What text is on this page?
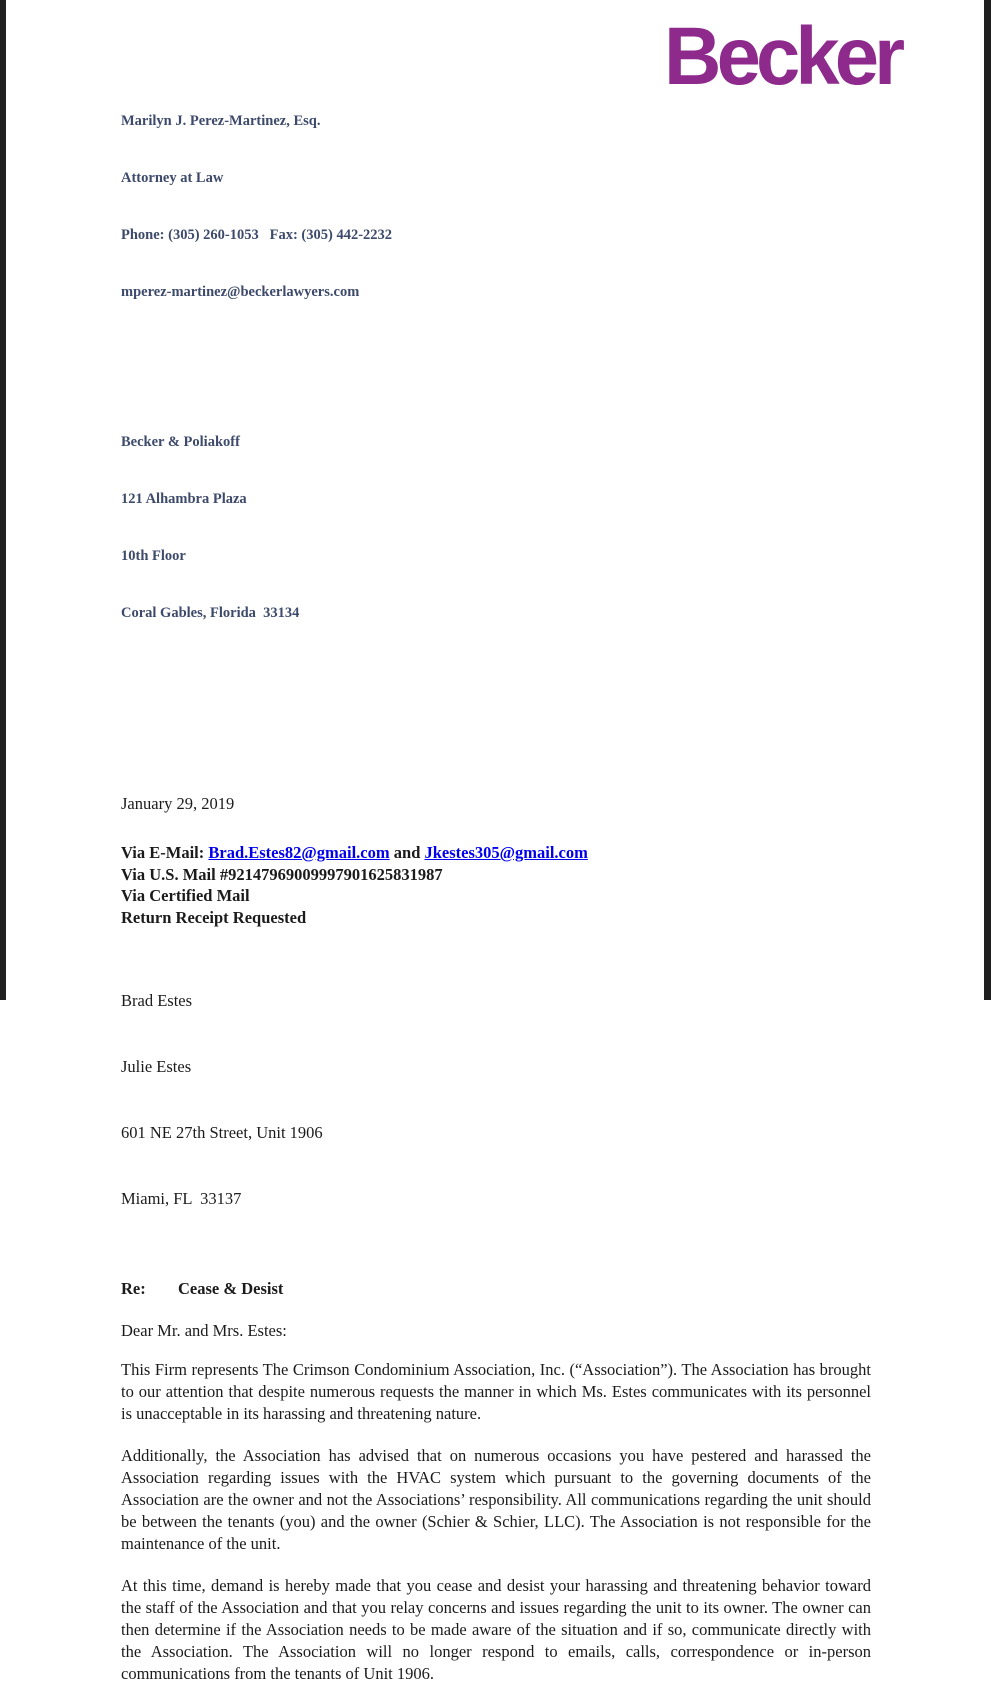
Becker

Marilyn J. Perez-Martinez, Esq.

Attorney at Law

Phone: (305) 260-1053   Fax: (305) 442-2232

mperez-martinez@beckerlawyers.com

Becker & Poliakoff

121 Alhambra Plaza

10th Floor

Coral Gables, Florida  33134

January 29, 2019
Via E-Mail: Brad.Estes82@gmail.com and Jkestes305@gmail.com
Via U.S. Mail #92147969009997901625831987
Via Certified Mail
Return Receipt Requested

Brad Estes

Julie Estes

601 NE 27th Street, Unit 1906

Miami, FL  33137

Re: Cease & Desist
Dear Mr. and Mrs. Estes:

This Firm represents The Crimson Condominium Association, Inc. (“Association”). The Association has brought to our attention that despite numerous requests the manner in which Ms. Estes communicates with its personnel is unacceptable in its harassing and threatening nature.

Additionally, the Association has advised that on numerous occasions you have pestered and harassed the Association regarding issues with the HVAC system which pursuant to the governing documents of the Association are the owner and not the Associations’ responsibility. All communications regarding the unit should be between the tenants (you) and the owner (Schier & Schier, LLC). The Association is not responsible for the maintenance of the unit.

At this time, demand is hereby made that you cease and desist your harassing and threatening behavior toward the staff of the Association and that you relay concerns and issues regarding the unit to its owner. The owner can then determine if the Association needs to be made aware of the situation and if so, communicate directly with the Association. The Association will no longer respond to emails, calls, correspondence or in-person communications from the tenants of Unit 1906.
